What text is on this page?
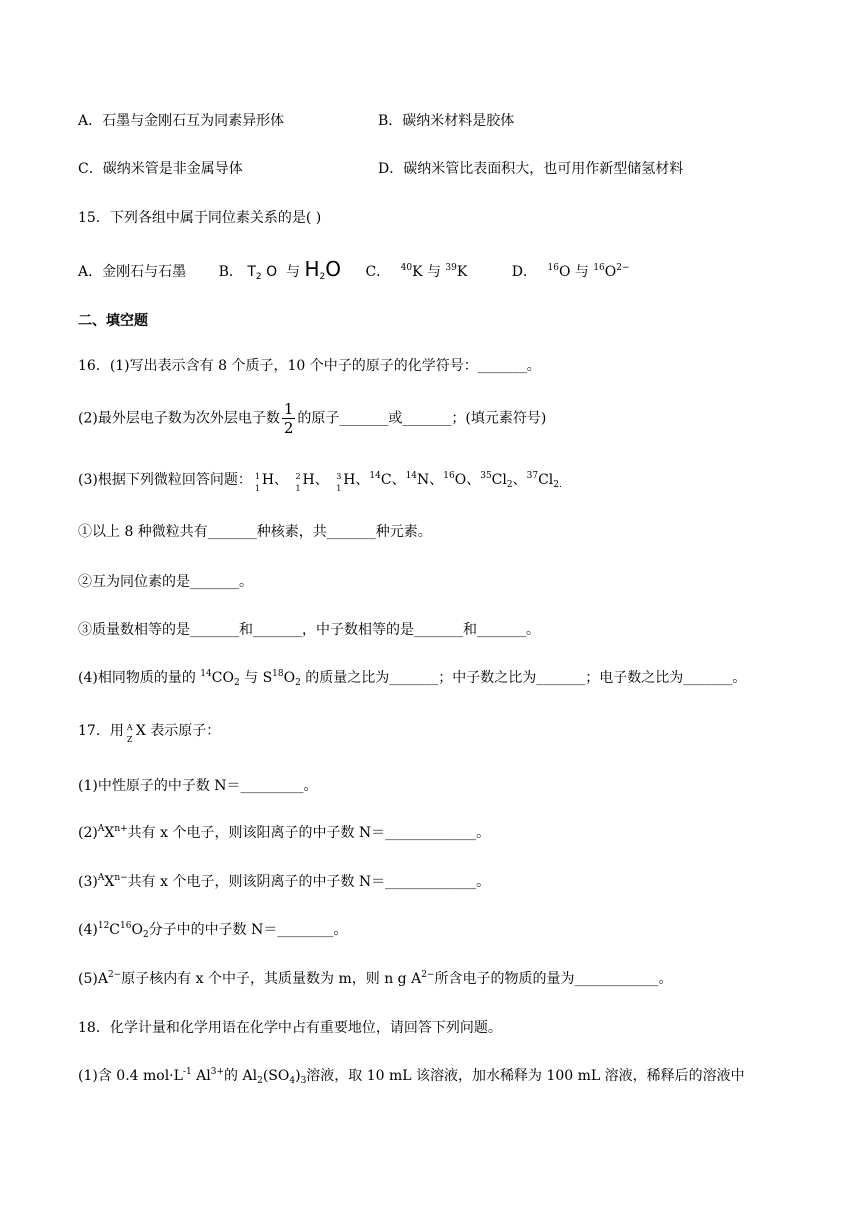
A．石墨与金刚石互为同素异形体	B．碳纳米材料是胶体
C．碳纳米管是非金属导体	D．碳纳米管比表面积大，也可用作新型储氢材料
15．下列各组中属于同位素关系的是( )
A．金刚石与石墨 B． $T_2$ O  与 $H_2O$ C． $^{40}$K 与 $^{39}$K	D． $^{16}$O 与 $^{16}O^{2-}$
二、填空题
16．(1)写出表示含有 8 个质子，10 个中子的原子的化学符号：_______。
(2)最外层电子数为次外层电子数 $\frac{1}{2}$ 的原子_______或_______；(填元素符号)
(3)根据下列微粒回答问题： 1
1
H、 2
1
H、 3
1
H、$^{14}$C、$^{14}$N、$^{16}$O、$^{35}Cl_2$、$^{37}Cl_{2.}$
①以上 8 种微粒共有_______种核素，共_______种元素。
②互为同位素的是_______。
③质量数相等的是_______和_______，中子数相等的是_______和_______。
(4)相同物质的量的 $^{14}CO_2$ 与 $S^{18}O_2$ 的质量之比为_______；中子数之比为_______；电子数之比为_______。
17．用 A
Z
X 表示原子：
(1)中性原子的中子数 N＝_________。
$(2)^AX^{n+}$共有 x 个电子，则该阳离子的中子数 N＝_____________。
$(3)^AX^{n-}$共有 x 个电子，则该阴离子的中子数 N＝_____________。
$(4)^{12}C^{16}O_2$分子中的中子数 N＝________。
$(5)A^{2-}$原子核内有 x 个中子，其质量数为 m，则 n g $A^{2-}$所含电子的物质的量为____________。
18．化学计量和化学用语在化学中占有重要地位，请回答下列问题。
(1)含 0.4 $mol\cdot L^{-1}$ $Al^{3+}$的 $Al_2(SO_4)_3$溶液，取 10 mL 该溶液，加水稀释为 100 mL 溶液，稀释后的溶液中
